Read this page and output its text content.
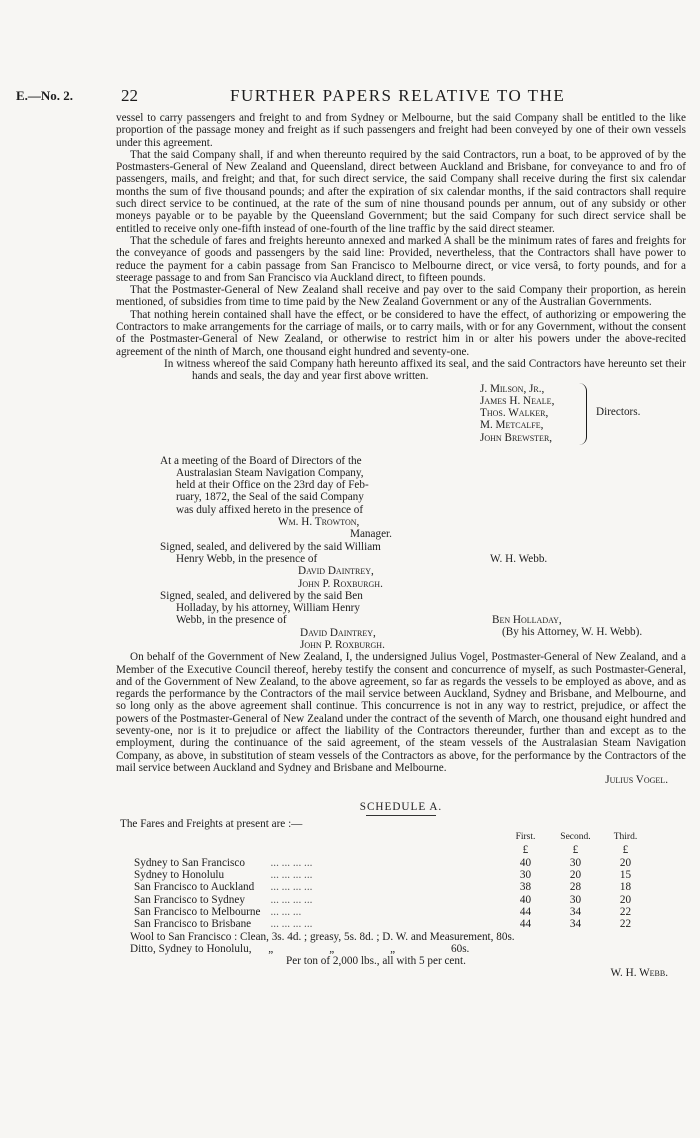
E.—No. 2.	22	FURTHER PAPERS RELATIVE TO THE

vessel to carry passengers and freight to and from Sydney or Melbourne, but the said Company shall be entitled to the like proportion of the passage money and freight as if such passengers and freight had been conveyed by one of their own vessels under this agreement.

That the said Company shall, if and when thereunto required by the said Contractors, run a boat, to be approved of by the Postmasters-General of New Zealand and Queensland, direct between Auckland and Brisbane, for conveyance to and fro of passengers, mails, and freight; and that, for such direct service, the said Company shall receive during the first six calendar months the sum of five thousand pounds; and after the expiration of six calendar months, if the said contractors shall require such direct service to be continued, at the rate of the sum of nine thousand pounds per annum, out of any subsidy or other moneys payable or to be payable by the Queensland Government; but the said Company for such direct service shall be entitled to receive only one-fifth instead of one-fourth of the line traffic by the said direct steamer.

That the schedule of fares and freights hereunto annexed and marked A shall be the minimum rates of fares and freights for the conveyance of goods and passengers by the said line: Provided, nevertheless, that the Contractors shall have power to reduce the payment for a cabin passage from San Francisco to Melbourne direct, or vice versâ, to forty pounds, and for a steerage passage to and from San Francisco via Auckland direct, to fifteen pounds.

That the Postmaster-General of New Zealand shall receive and pay over to the said Company their proportion, as herein mentioned, of subsidies from time to time paid by the New Zealand Government or any of the Australian Governments.

That nothing herein contained shall have the effect, or be considered to have the effect, of authorizing or empowering the Contractors to make arrangements for the carriage of mails, or to carry mails, with or for any Government, without the consent of the Postmaster-General of New Zealand, or otherwise to restrict him in or alter his powers under the above-recited agreement of the ninth of March, one thousand eight hundred and seventy-one.

In witness whereof the said Company hath hereunto affixed its seal, and the said Contractors have hereunto set their hands and seals, the day and year first above written.

J. Milson, Jr.,
James H. Neale,
Thos. Walker,
M. Metcalfe,
John Brewster,
Directors.
At a meeting of the Board of Directors of the
Australasian Steam Navigation Company,
held at their Office on the 23rd day of Feb-
ruary, 1872, the Seal of the said Company
was duly affixed hereto in the presence of
Wm. H. Trowton,
Manager.
Signed, sealed, and delivered by the said William
Henry Webb, in the presence of
David Daintrey,
John P. Roxburgh.
W. H. Webb.
Signed, sealed, and delivered by the said Ben
Holladay, by his attorney, William Henry
Webb, in the presence of
David Daintrey,
John P. Roxburgh.
Ben Holladay,
(By his Attorney, W. H. Webb).

On behalf of the Government of New Zealand, I, the undersigned Julius Vogel, Postmaster-General of New Zealand, and a Member of the Executive Council thereof, hereby testify the consent and concurrence of myself, as such Postmaster-General, and of the Government of New Zealand, to the above agreement, so far as regards the vessels to be employed as above, and as regards the performance by the Contractors of the mail service between Auckland, Sydney and Brisbane, and Melbourne, and so long only as the above agreement shall continue. This concurrence is not in any way to restrict, prejudice, or affect the powers of the Postmaster-General of New Zealand under the contract of the seventh of March, one thousand eight hundred and seventy-one, nor is it to prejudice or affect the liability of the Contractors thereunder, further than and except as to the employment, during the continuance of the said agreement, of the steam vessels of the Australasian Steam Navigation Company, as above, in substitution of steam vessels of the Contractors as above, for the performance by the Contractors of the mail service between Auckland and Sydney and Brisbane and Melbourne.

Julius Vogel.
SCHEDULE A.
The Fares and Freights at present are :—
		First.	Second.	Third.
		£	£	£
Sydney to San Francisco	... ... ... ...	40	30	20
Sydney to Honolulu	... ... ... ...	30	20	15
San Francisco to Auckland	... ... ... ...	38	28	18
San Francisco to Sydney	... ... ... ...	40	30	20
San Francisco to Melbourne	... ... ...	44	34	22
San Francisco to Brisbane	... ... ... ...	44	34	22
Wool to San Francisco : Clean, 3s. 4d. ; greasy, 5s. 8d. ; D. W. and Measurement, 80s.
Ditto, Sydney to Honolulu,      „                    „                    „                    60s.
Per ton of 2,000 lbs., all with 5 per cent.
W. H. Webb.
